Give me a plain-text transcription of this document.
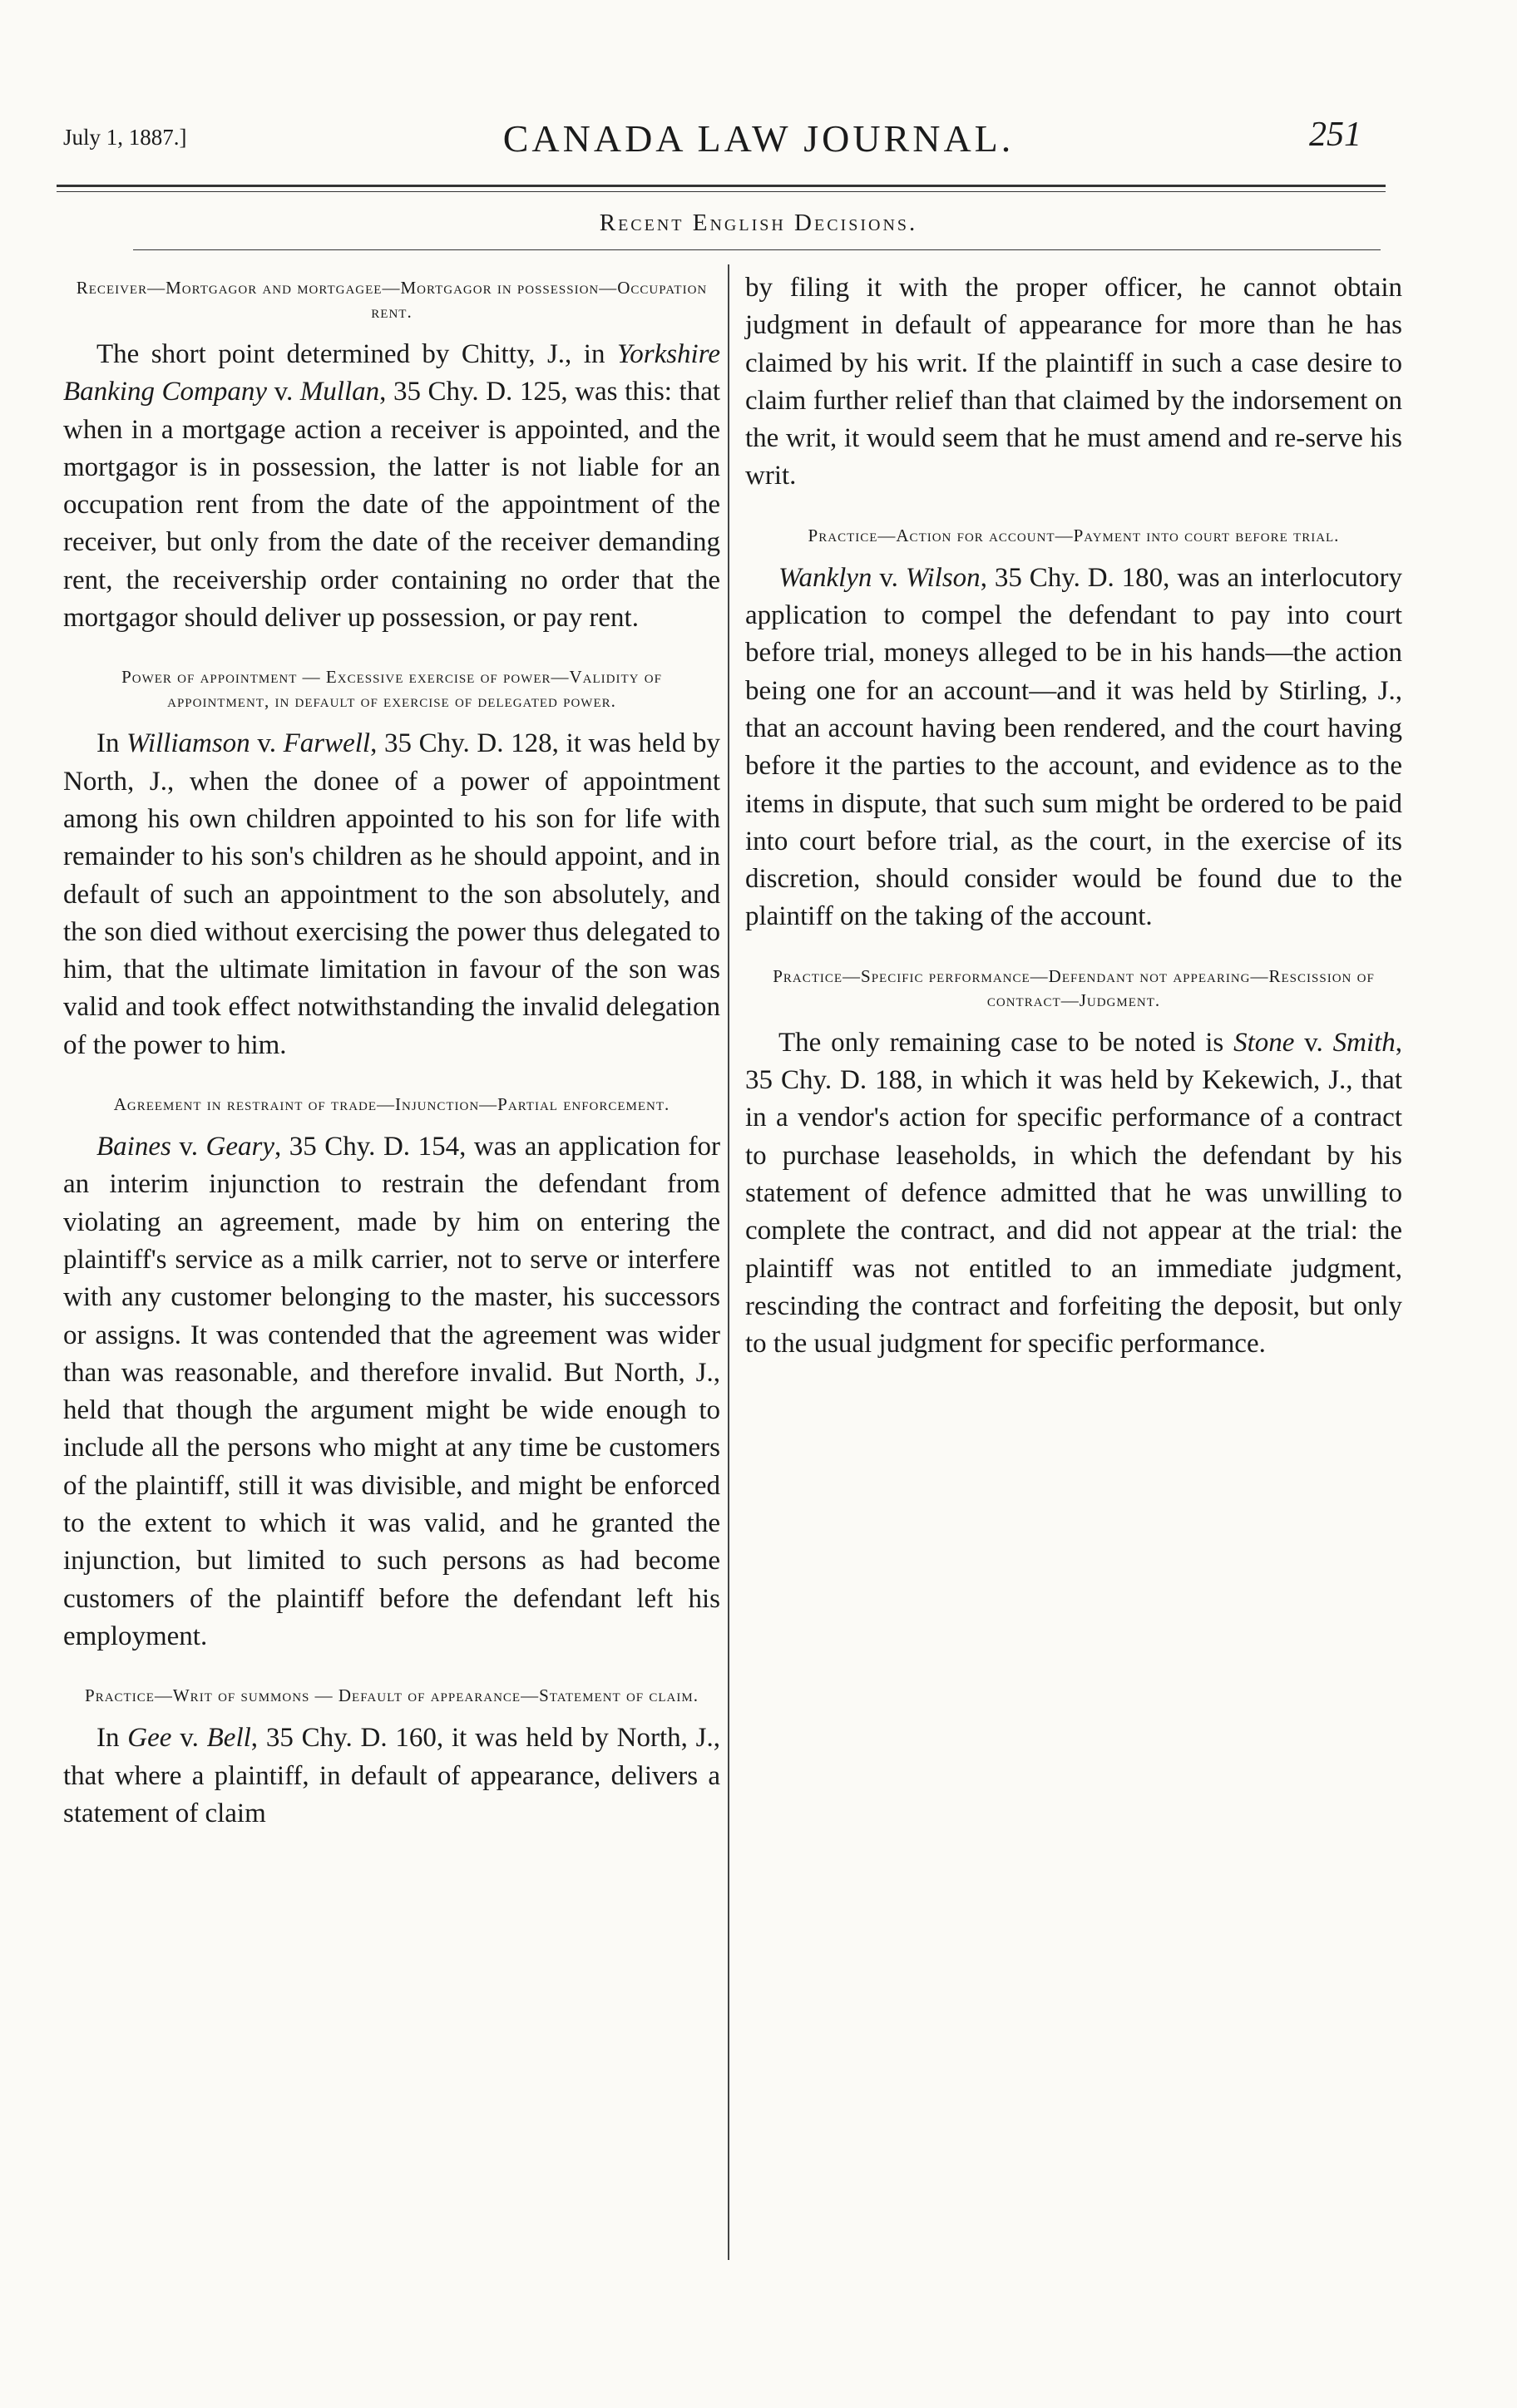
July 1, 1887.]	CANADA LAW JOURNAL.	251
Recent English Decisions.
Receiver—Mortgagor and mortgagee—Mortgagor in possession—Occupation rent.

The short point determined by Chitty, J., in Yorkshire Banking Company v. Mullan, 35 Chy. D. 125, was this: that when in a mortgage action a receiver is appointed, and the mortgagor is in possession, the latter is not liable for an occupation rent from the date of the appointment of the receiver, but only from the date of the receiver demanding rent, the receivership order containing no order that the mortgagor should deliver up possession, or pay rent.

Power of appointment — Excessive exercise of power—Validity of appointment, in default of exercise of delegated power.

In Williamson v. Farwell, 35 Chy. D. 128, it was held by North, J., when the donee of a power of appointment among his own children appointed to his son for life with remainder to his son's children as he should appoint, and in default of such an appointment to the son absolutely, and the son died without exercising the power thus delegated to him, that the ultimate limitation in favour of the son was valid and took effect notwithstanding the invalid delegation of the power to him.

Agreement in restraint of trade—Injunction—Partial enforcement.

Baines v. Geary, 35 Chy. D. 154, was an application for an interim injunction to restrain the defendant from violating an agreement, made by him on entering the plaintiff's service as a milk carrier, not to serve or interfere with any customer belonging to the master, his successors or assigns. It was contended that the agreement was wider than was reasonable, and therefore invalid. But North, J., held that though the argument might be wide enough to include all the persons who might at any time be customers of the plaintiff, still it was divisible, and might be enforced to the extent to which it was valid, and he granted the injunction, but limited to such persons as had become customers of the plaintiff before the defendant left his employment.

Practice—Writ of summons — Default of appearance—Statement of claim.

In Gee v. Bell, 35 Chy. D. 160, it was held by North, J., that where a plaintiff, in default of appearance, delivers a statement of claim

by filing it with the proper officer, he cannot obtain judgment in default of appearance for more than he has claimed by his writ. If the plaintiff in such a case desire to claim further relief than that claimed by the indorsement on the writ, it would seem that he must amend and re-serve his writ.

Practice—Action for account—Payment into court before trial.

Wanklyn v. Wilson, 35 Chy. D. 180, was an interlocutory application to compel the defendant to pay into court before trial, moneys alleged to be in his hands—the action being one for an account—and it was held by Stirling, J., that an account having been rendered, and the court having before it the parties to the account, and evidence as to the items in dispute, that such sum might be ordered to be paid into court before trial, as the court, in the exercise of its discretion, should consider would be found due to the plaintiff on the taking of the account.

Practice—Specific performance—Defendant not appearing—Rescission of contract—Judgment.

The only remaining case to be noted is Stone v. Smith, 35 Chy. D. 188, in which it was held by Kekewich, J., that in a vendor's action for specific performance of a contract to purchase leaseholds, in which the defendant by his statement of defence admitted that he was unwilling to complete the contract, and did not appear at the trial: the plaintiff was not entitled to an immediate judgment, rescinding the contract and forfeiting the deposit, but only to the usual judgment for specific performance.
